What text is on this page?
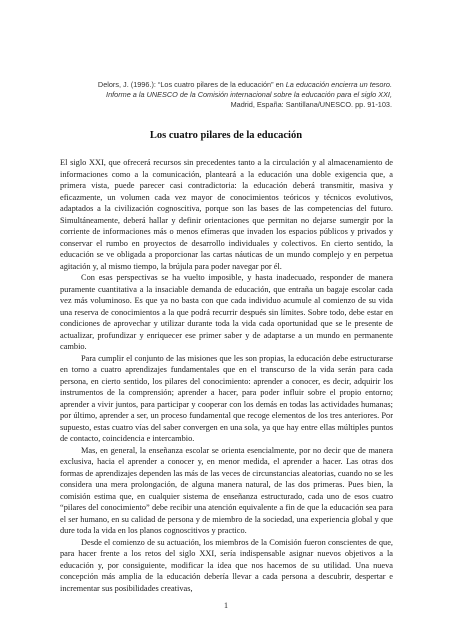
Delors, J. (1996.): “Los cuatro pilares de la educación” en La educación encierra un tesoro.
Informe a la UNESCO de la Comisión internacional sobre la educación para el siglo XXI,
Madrid, España: Santillana/UNESCO. pp. 91-103.
Los cuatro pilares de la educación

El siglo XXI, que ofrecerá recursos sin precedentes tanto a la circulación y al almacenamiento de informaciones como a la comunicación, planteará a la educación una doble exigencia que, a primera vista, puede parecer casi contradictoria: la educación deberá transmitir, masiva y eficazmente, un volumen cada vez mayor de conocimientos teóricos y técnicos evolutivos, adaptados a la civilización cognoscitiva, porque son las bases de las competencias del futuro. Simultáneamente, deberá hallar y definir orientaciones que permitan no dejarse sumergir por la corriente de informaciones más o menos efímeras que invaden los espacios públicos y privados y conservar el rumbo en proyectos de desarrollo individuales y colectivos. En cierto sentido, la educación se ve obligada a proporcionar las cartas náuticas de un mundo complejo y en perpetua agitación y, al mismo tiempo, la brújula para poder navegar por él.

Con esas perspectivas se ha vuelto imposible, y hasta inadecuado, responder de manera puramente cuantitativa a la insaciable demanda de educación, que entraña un bagaje escolar cada vez más voluminoso. Es que ya no basta con que cada individuo acumule al comienzo de su vida una reserva de conocimientos a la que podrá recurrir después sin límites. Sobre todo, debe estar en condiciones de aprovechar y utilizar durante toda la vida cada oportunidad que se le presente de actualizar, profundizar y enriquecer ese primer saber y de adaptarse a un mundo en permanente cambio.

Para cumplir el conjunto de las misiones que les son propias, la educación debe estructurarse en torno a cuatro aprendizajes fundamentales que en el transcurso de la vida serán para cada persona, en cierto sentido, los pilares del conocimiento: aprender a conocer, es decir, adquirir los instrumentos de la comprensión; aprender a hacer, para poder influir sobre el propio entorno; aprender a vivir juntos, para participar y cooperar con los demás en todas las actividades humanas; por último, aprender a ser, un proceso fundamental que recoge elementos de los tres anteriores. Por supuesto, estas cuatro vías del saber convergen en una sola, ya que hay entre ellas múltiples puntos de contacto, coincidencia e intercambio.

Mas, en general, la enseñanza escolar se orienta esencialmente, por no decir que de manera exclusiva, hacia el aprender a conocer y, en menor medida, el aprender a hacer. Las otras dos formas de aprendizajes dependen las más de las veces de circunstancias aleatorias, cuando no se les considera una mera prolongación, de alguna manera natural, de las dos primeras. Pues bien, la comisión estima que, en cualquier sistema de enseñanza estructurado, cada uno de esos cuatro “pilares del conocimiento” debe recibir una atención equivalente a fin de que la educación sea para el ser humano, en su calidad de persona y de miembro de la sociedad, una experiencia global y que dure toda la vida en los planos cognoscitivos y practico.

Desde el comienzo de su actuación, los miembros de la Comisión fueron conscientes de que, para hacer frente a los retos del siglo XXI, sería indispensable asignar nuevos objetivos a la educación y, por consiguiente, modificar la idea que nos hacemos de su utilidad. Una nueva concepción más amplia de la educación debería llevar a cada persona a descubrir, despertar e incrementar sus posibilidades creativas,

1
